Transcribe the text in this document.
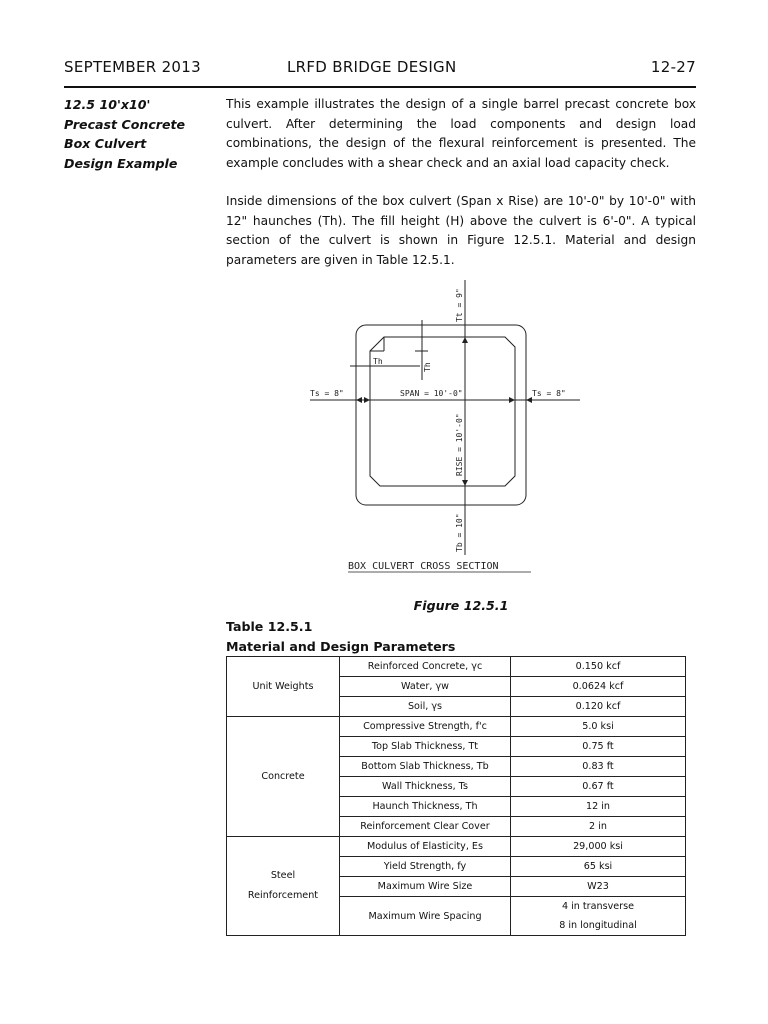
SEPTEMBER 2013	LRFD BRIDGE DESIGN	12-27
12.5 10'x10'
Precast Concrete
Box Culvert
Design Example
This example illustrates the design of a single barrel precast concrete box culvert. After determining the load components and design load combinations, the design of the flexural reinforcement is presented. The example concludes with a shear check and an axial load capacity check.
Inside dimensions of the box culvert (Span x Rise) are 10'-0" by 10'-0" with 12" haunches (Th). The fill height (H) above the culvert is 6'-0". A typical section of the culvert is shown in Figure 12.5.1. Material and design parameters are given in Table 12.5.1.
Ts = 8"	Ts = 8"
SPAN = 10'-0"
Th
Th
Tt = 9"
RISE = 10'-0"
Tb = 10"
BOX CULVERT CROSS SECTION
Figure 12.5.1
Table 12.5.1
Material and Design Parameters
Unit Weights	Reinforced Concrete, γc	0.150 kcf
	Water, γw	0.0624 kcf
	Soil, γs	0.120 kcf
Concrete	Compressive Strength, f'c	5.0 ksi
	Top Slab Thickness, Tt	0.75 ft
	Bottom Slab Thickness, Tb	0.83 ft
	Wall Thickness, Ts	0.67 ft
	Haunch Thickness, Th	12 in
	Reinforcement Clear Cover	2 in

Steel
Reinforcement	Modulus of Elasticity, Es	29,000 ksi
	Yield Strength, fy	65 ksi
	Maximum Wire Size	W23
	Maximum Wire Spacing	4 in transverse
8 in longitudinal
